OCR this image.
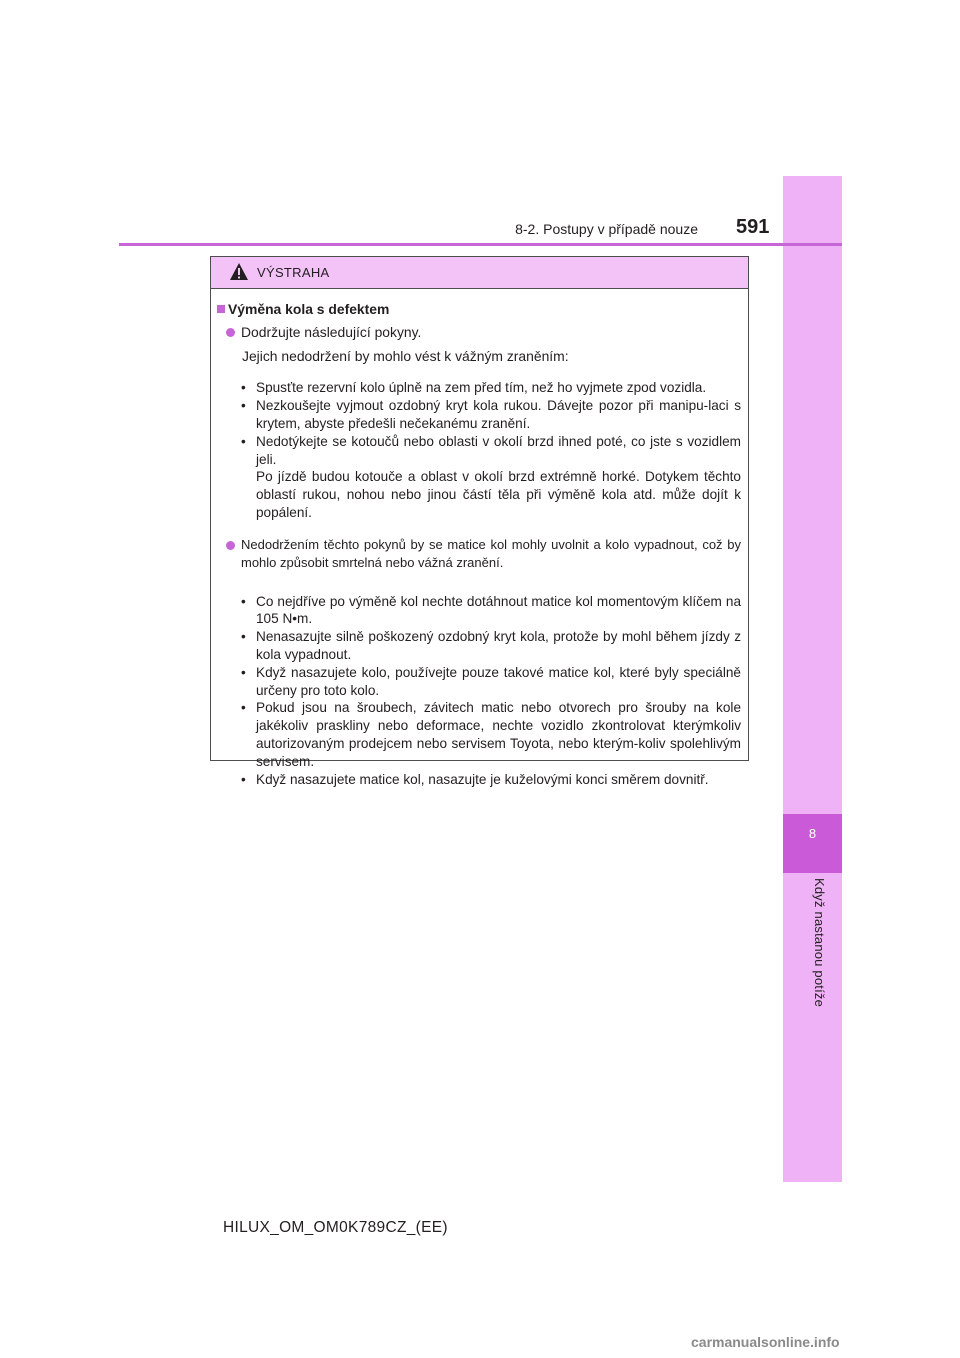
8
Když nastanou potíže
8-2. Postupy v případě nouze 591
VÝSTRAHA
Výměna kola s defektem
Dodržujte následující pokyny.
Jejich nedodržení by mohlo vést k vážným zraněním:
• Spusťte rezervní kolo úplně na zem před tím, než ho vyjmete zpod vozidla.
• Nezkoušejte vyjmout ozdobný kryt kola rukou. Dávejte pozor při manipu-laci s krytem, abyste předešli nečekanému zranění.
• Nedotýkejte se kotoučů nebo oblasti v okolí brzd ihned poté, co jste s vozidlem jeli.
Po jízdě budou kotouče a oblast v okolí brzd extrémně horké. Dotykem těchto oblastí rukou, nohou nebo jinou částí těla při výměně kola atd. může dojít k popálení.
Nedodržením těchto pokynů by se matice kol mohly uvolnit a kolo vypadnout, což by mohlo způsobit smrtelná nebo vážná zranění.
• Co nejdříve po výměně kol nechte dotáhnout matice kol momentovým klíčem na 105 N•m.
• Nenasazujte silně poškozený ozdobný kryt kola, protože by mohl během jízdy z kola vypadnout.
• Když nasazujete kolo, používejte pouze takové matice kol, které byly speciálně určeny pro toto kolo.
• Pokud jsou na šroubech, závitech matic nebo otvorech pro šrouby na kole jakékoliv praskliny nebo deformace, nechte vozidlo zkontrolovat kterýmkoliv autorizovaným prodejcem nebo servisem Toyota, nebo kterým-koliv spolehlivým servisem.
• Když nasazujete matice kol, nasazujte je kuželovými konci směrem dovnitř.
HILUX_OM_OM0K789CZ_(EE)
carmanualsonline.info
